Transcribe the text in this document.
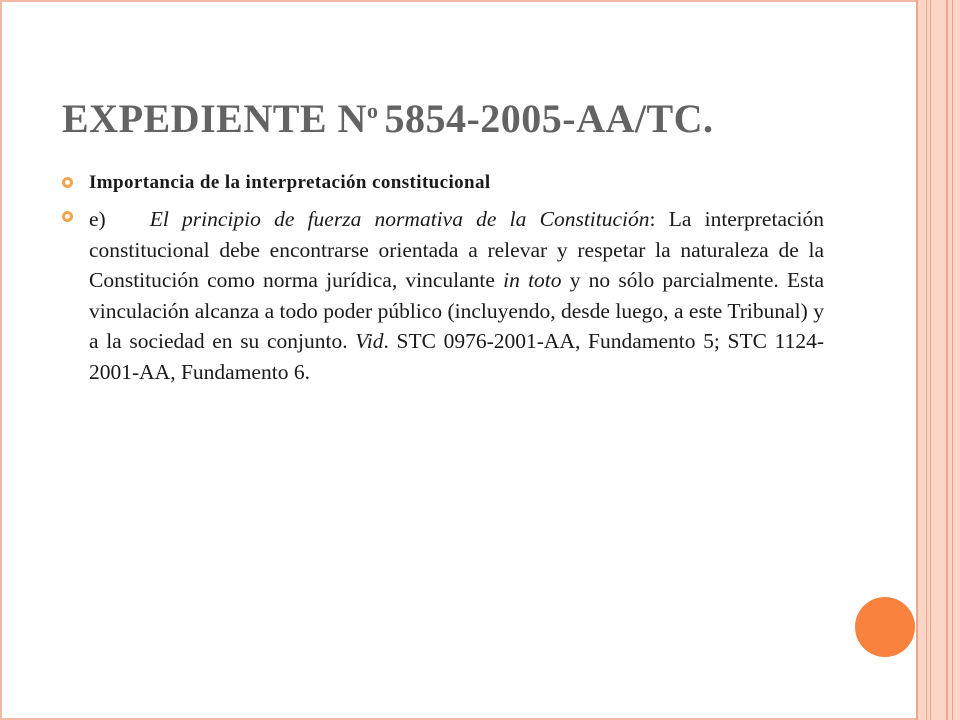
EXPEDIENTE $N^o$ 5854-2005-AA/TC.
Importancia de la interpretación constitucional
e) El principio de fuerza normativa de la Constitución: La interpretación constitucional debe encontrarse orientada a relevar y respetar la naturaleza de la Constitución como norma jurídica, vinculante in toto y no sólo parcialmente. Esta vinculación alcanza a todo poder público (incluyendo, desde luego, a este Tribunal) y a la sociedad en su conjunto. Vid. STC 0976-2001-AA, Fundamento 5; STC 1124-2001-AA, Fundamento 6.
